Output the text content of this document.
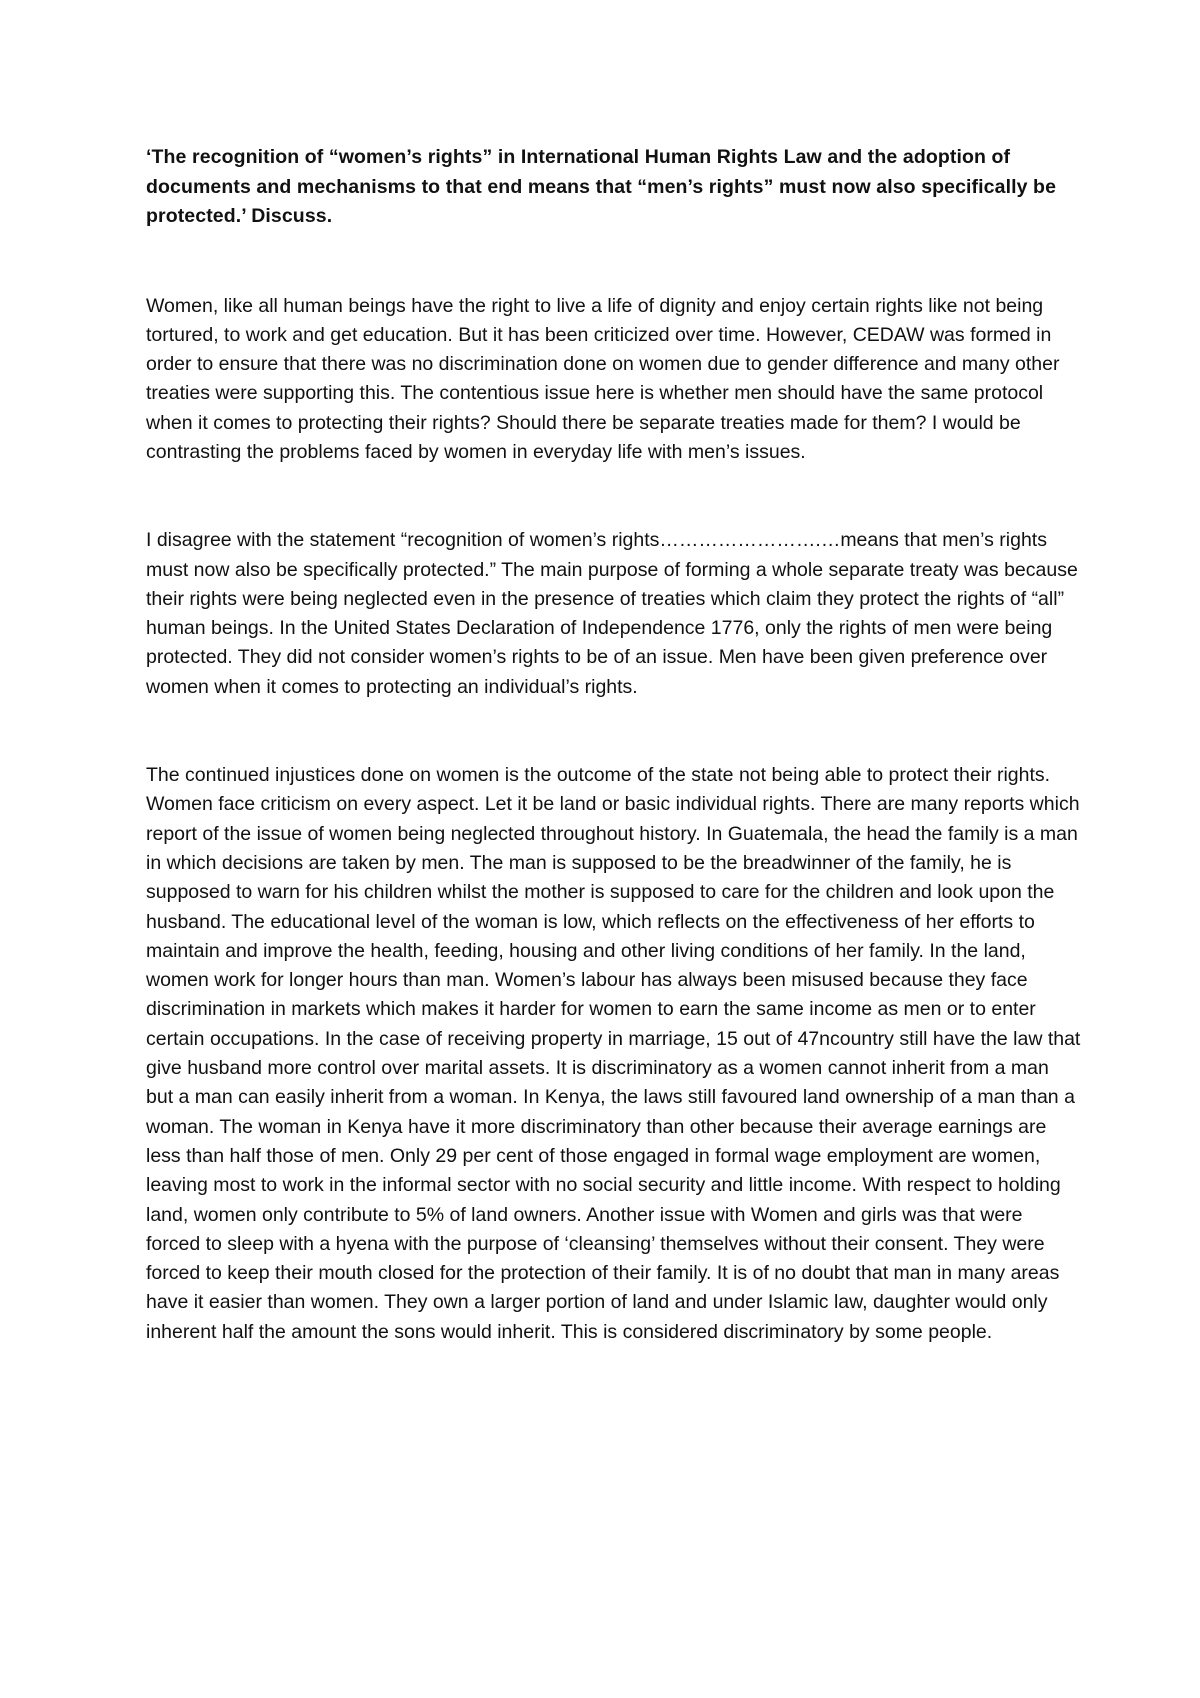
‘The recognition of “women’s rights” in International Human Rights Law and the adoption of documents and mechanisms to that end means that “men’s rights” must now also specifically be protected.’ Discuss.

Women, like all human beings have the right to live a life of dignity and enjoy certain rights like not being tortured, to work and get education. But it has been criticized over time. However, CEDAW was formed in order to ensure that there was no discrimination done on women due to gender difference and many other treaties were supporting this. The contentious issue here is whether men should have the same protocol when it comes to protecting their rights? Should there be separate treaties made for them? I would be contrasting the problems faced by women in everyday life with men’s issues.

I disagree with the statement “recognition of women’s rights…………………….…means that men’s rights must now also be specifically protected.” The main purpose of forming a whole separate treaty was because their rights were being neglected even in the presence of treaties which claim they protect the rights of “all” human beings. In the United States Declaration of Independence 1776, only the rights of men were being protected. They did not consider women’s rights to be of an issue. Men have been given preference over women when it comes to protecting an individual’s rights.

The continued injustices done on women is the outcome of the state not being able to protect their rights. Women face criticism on every aspect. Let it be land or basic individual rights. There are many reports which report of the issue of women being neglected throughout history. In Guatemala, the head the family is a man in which decisions are taken by men. The man is supposed to be the breadwinner of the family, he is supposed to warn for his children whilst the mother is supposed to care for the children and look upon the husband. The educational level of the woman is low, which reflects on the effectiveness of her efforts to maintain and improve the health, feeding, housing and other living conditions of her family. In the land, women work for longer hours than man. Women’s labour has always been misused because they face discrimination in markets which makes it harder for women to earn the same income as men or to enter certain occupations. In the case of receiving property in marriage, 15 out of 47ncountry still have the law that give husband more control over marital assets. It is discriminatory as a women cannot inherit from a man but a man can easily inherit from a woman. In Kenya, the laws still favoured land ownership of a man than a woman. The woman in Kenya have it more discriminatory than other because their average earnings are less than half those of men. Only 29 per cent of those engaged in formal wage employment are women, leaving most to work in the informal sector with no social security and little income. With respect to holding land, women only contribute to 5% of land owners. Another issue with Women and girls was that were forced to sleep with a hyena with the purpose of ‘cleansing’ themselves without their consent. They were forced to keep their mouth closed for the protection of their family. It is of no doubt that man in many areas have it easier than women. They own a larger portion of land and under Islamic law, daughter would only inherent half the amount the sons would inherit. This is considered discriminatory by some people.
